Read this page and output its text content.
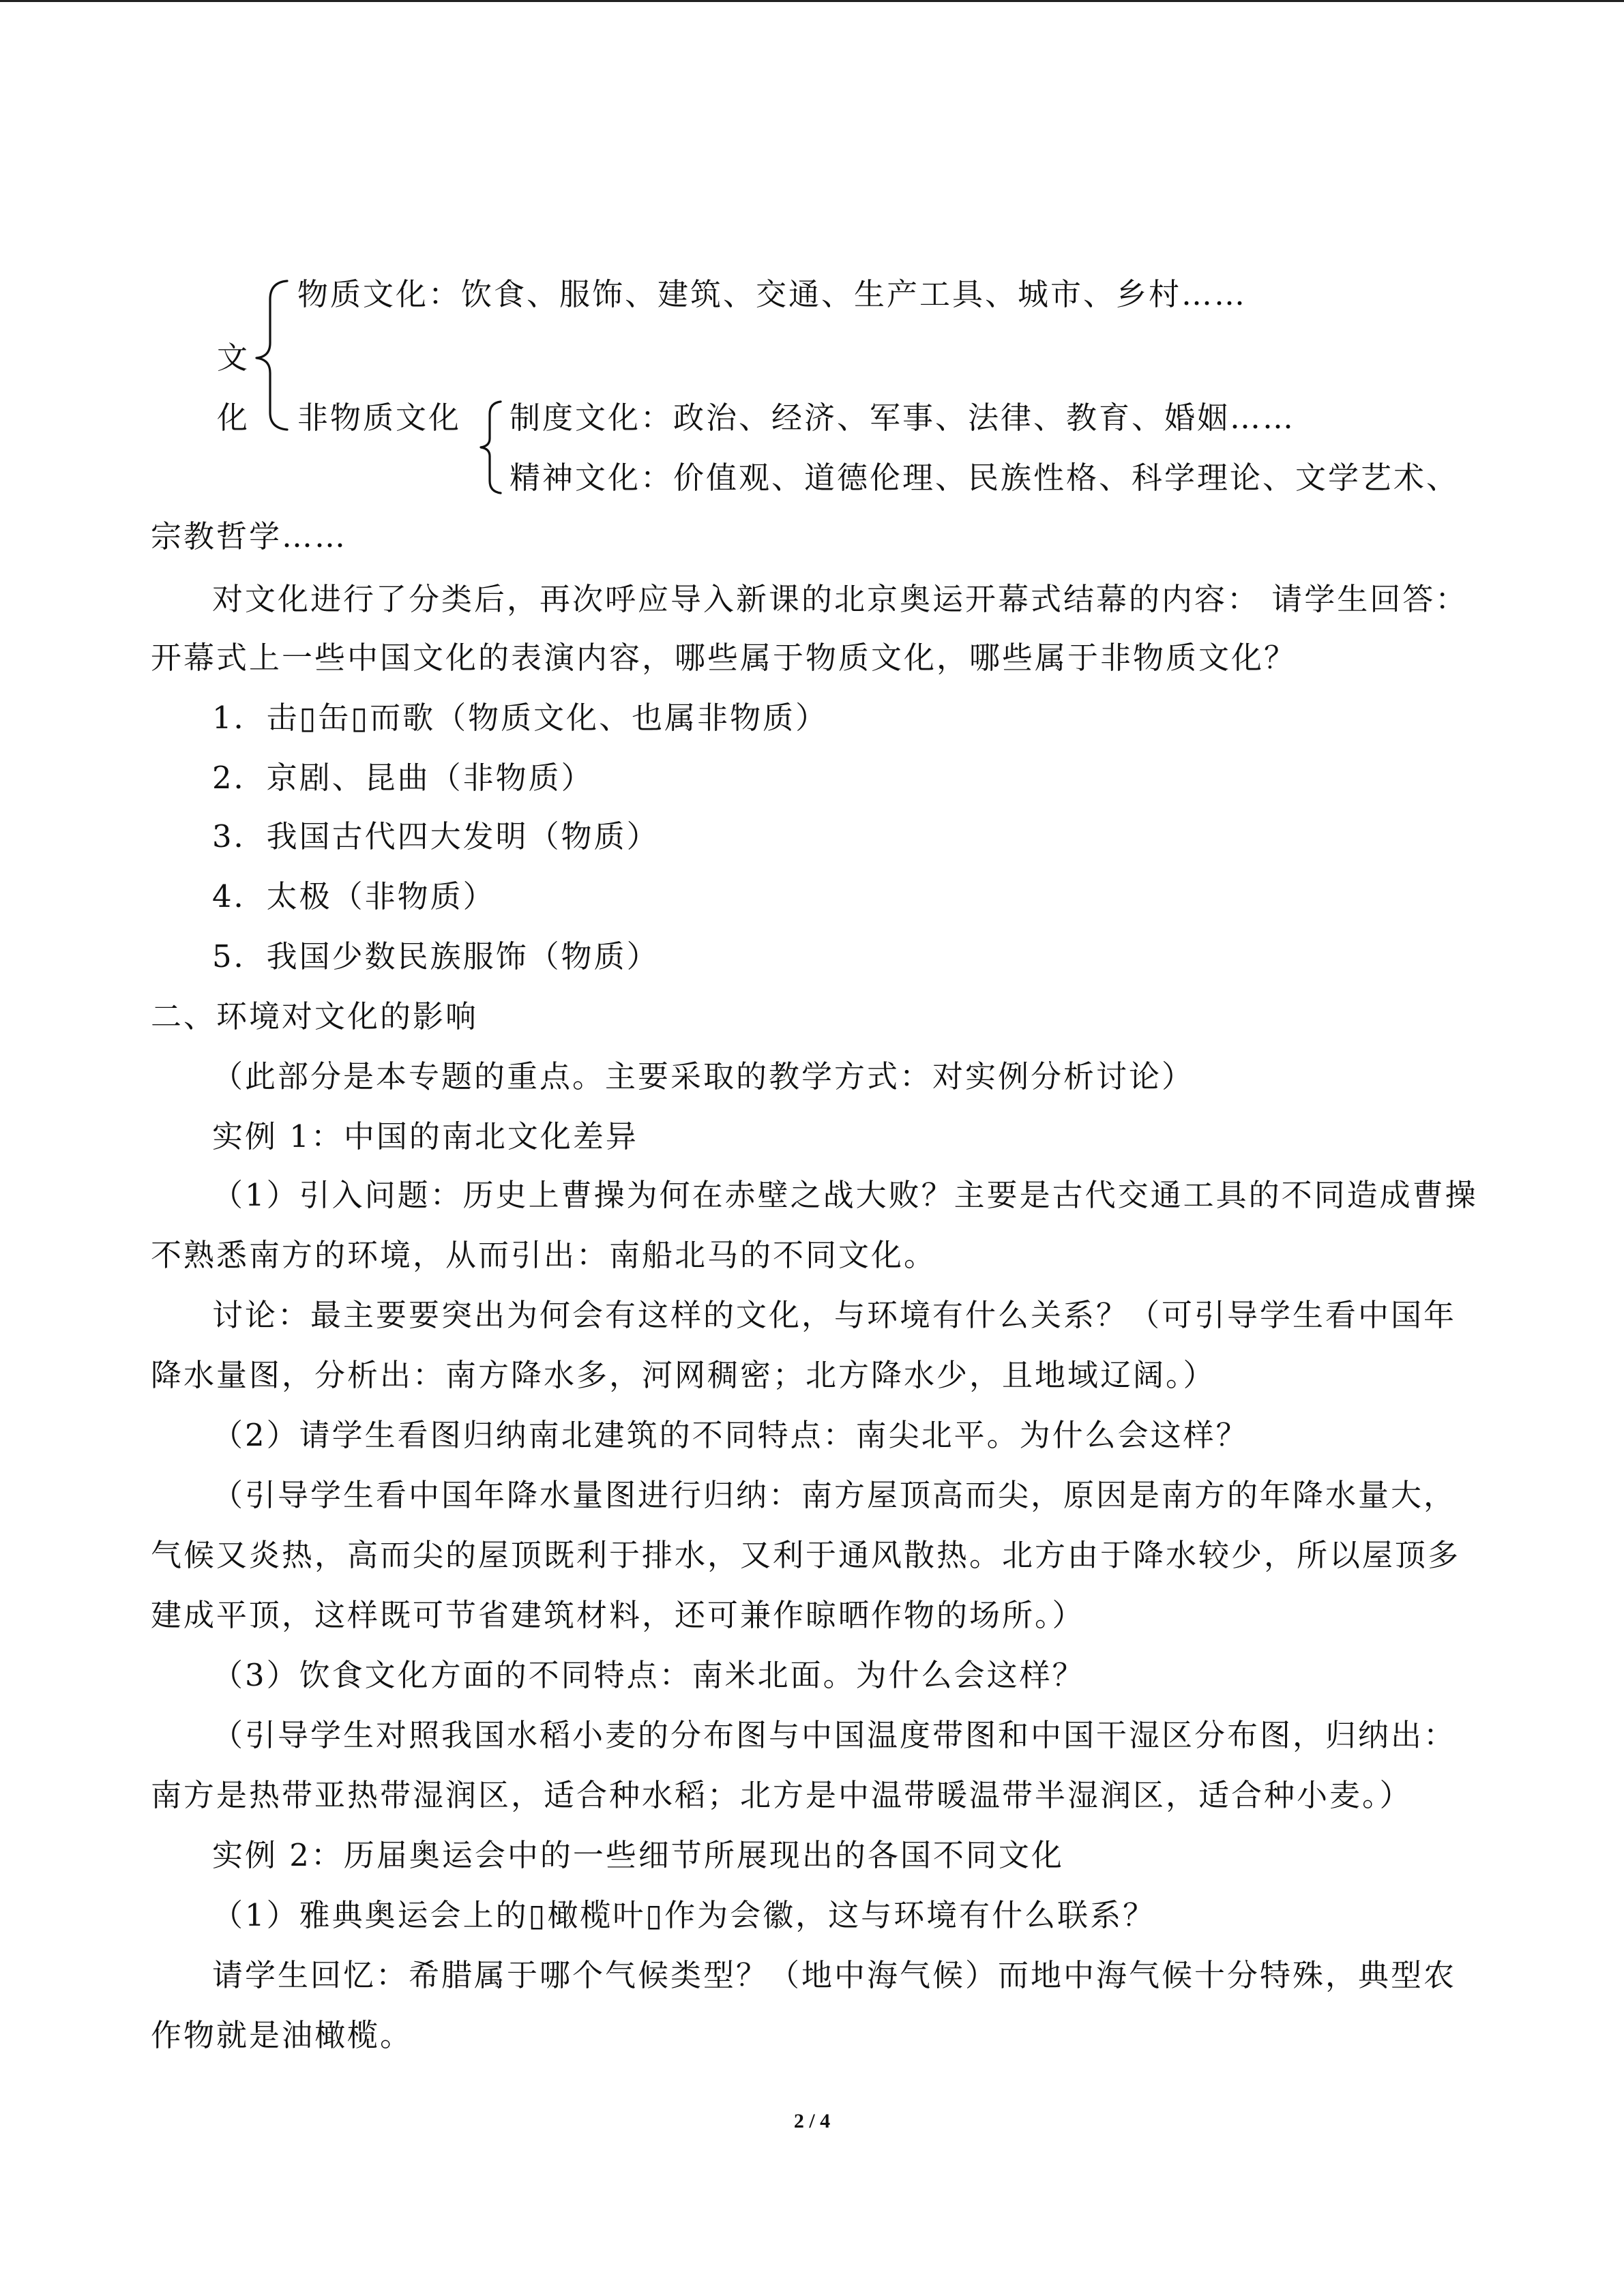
文
化
物质文化：饮食、服饰、建筑、交通、生产工具、城市、乡村……
非物质文化 制度文化：政治、经济、军事、法律、教育、婚姻……
精神文化：价值观、道德伦理、民族性格、科学理论、文学艺术、
宗教哲学……
对文化进行了分类后，再次呼应导入新课的北京奥运开幕式结幕的内容： 请学生回答：
开幕式上一些中国文化的表演内容，哪些属于物质文化，哪些属于非物质文化？
1．击▯缶▯而歌（物质文化、也属非物质）
2．京剧、昆曲（非物质）
3．我国古代四大发明（物质）
4．太极（非物质）
5．我国少数民族服饰（物质）
二、环境对文化的影响
（此部分是本专题的重点。主要采取的教学方式：对实例分析讨论）
实例 1：中国的南北文化差异
（1）引入问题：历史上曹操为何在赤壁之战大败？主要是古代交通工具的不同造成曹操
不熟悉南方的环境，从而引出：南船北马的不同文化。
讨论：最主要要突出为何会有这样的文化，与环境有什么关系？（可引导学生看中国年
降水量图，分析出：南方降水多，河网稠密；北方降水少，且地域辽阔。）
（2）请学生看图归纳南北建筑的不同特点：南尖北平。为什么会这样？
（引导学生看中国年降水量图进行归纳：南方屋顶高而尖，原因是南方的年降水量大，
气候又炎热，高而尖的屋顶既利于排水，又利于通风散热。北方由于降水较少，所以屋顶多
建成平顶，这样既可节省建筑材料，还可兼作晾晒作物的场所。）
（3）饮食文化方面的不同特点：南米北面。为什么会这样？
（引导学生对照我国水稻小麦的分布图与中国温度带图和中国干湿区分布图，归纳出：
南方是热带亚热带湿润区，适合种水稻；北方是中温带暖温带半湿润区，适合种小麦。）
实例 2：历届奥运会中的一些细节所展现出的各国不同文化
（1）雅典奥运会上的▯橄榄叶▯作为会徽，这与环境有什么联系？
请学生回忆：希腊属于哪个气候类型？（地中海气候）而地中海气候十分特殊，典型农
作物就是油橄榄。
2 / 4
